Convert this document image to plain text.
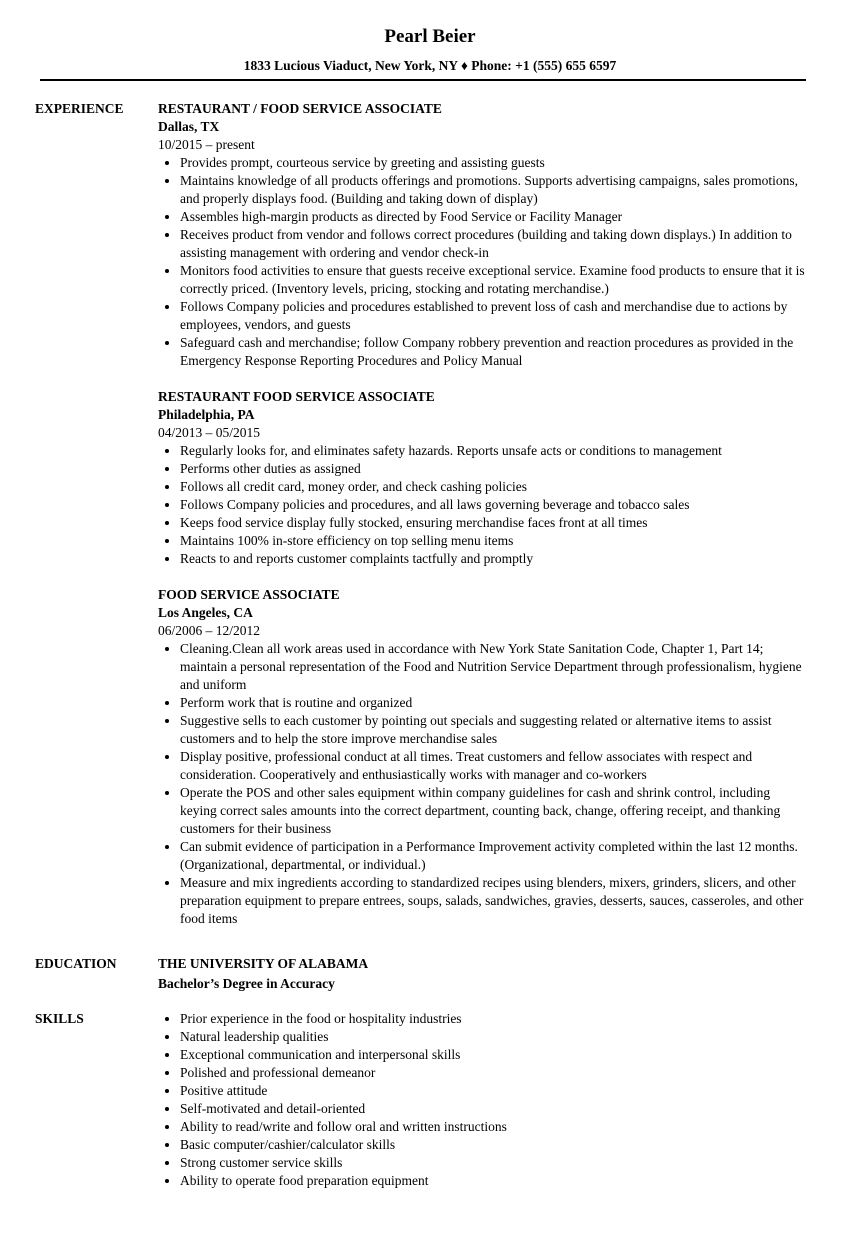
Pearl Beier
1833 Lucious Viaduct, New York, NY ♦ Phone: +1 (555) 655 6597
EXPERIENCE	RESTAURANT / FOOD SERVICE ASSOCIATE
Dallas, TX
10/2015 – present
• Provides prompt, courteous service by greeting and assisting guests
• Maintains knowledge of all products offerings and promotions. Supports advertising campaigns, sales promotions, and properly displays food. (Building and taking down of display)
• Assembles high-margin products as directed by Food Service or Facility Manager
• Receives product from vendor and follows correct procedures (building and taking down displays.) In addition to assisting management with ordering and vendor check-in
• Monitors food activities to ensure that guests receive exceptional service. Examine food products to ensure that it is correctly priced. (Inventory levels, pricing, stocking and rotating merchandise.)
• Follows Company policies and procedures established to prevent loss of cash and merchandise due to actions by employees, vendors, and guests
• Safeguard cash and merchandise; follow Company robbery prevention and reaction procedures as provided in the Emergency Response Reporting Procedures and Policy Manual
RESTAURANT FOOD SERVICE ASSOCIATE
Philadelphia, PA
04/2013 – 05/2015
• Regularly looks for, and eliminates safety hazards. Reports unsafe acts or conditions to management
• Performs other duties as assigned
• Follows all credit card, money order, and check cashing policies
• Follows Company policies and procedures, and all laws governing beverage and tobacco sales
• Keeps food service display fully stocked, ensuring merchandise faces front at all times
• Maintains 100% in-store efficiency on top selling menu items
• Reacts to and reports customer complaints tactfully and promptly
FOOD SERVICE ASSOCIATE
Los Angeles, CA
06/2006 – 12/2012
• Cleaning.Clean all work areas used in accordance with New York State Sanitation Code, Chapter 1, Part 14; maintain a personal representation of the Food and Nutrition Service Department through professionalism, hygiene and uniform
• Perform work that is routine and organized
• Suggestive sells to each customer by pointing out specials and suggesting related or alternative items to assist customers and to help the store improve merchandise sales
• Display positive, professional conduct at all times. Treat customers and fellow associates with respect and consideration. Cooperatively and enthusiastically works with manager and co-workers
• Operate the POS and other sales equipment within company guidelines for cash and shrink control, including keying correct sales amounts into the correct department, counting back, change, offering receipt, and thanking customers for their business
• Can submit evidence of participation in a Performance Improvement activity completed within the last 12 months. (Organizational, departmental, or individual.)
• Measure and mix ingredients according to standardized recipes using blenders, mixers, grinders, slicers, and other preparation equipment to prepare entrees, soups, salads, sandwiches, gravies, desserts, sauces, casseroles, and other food items
EDUCATION	THE UNIVERSITY OF ALABAMA
Bachelor’s Degree in Accuracy
SKILLS
•	Prior experience in the food or hospitality industries
• Natural leadership qualities
• Exceptional communication and interpersonal skills
• Polished and professional demeanor
• Positive attitude
• Self-motivated and detail-oriented
• Ability to read/write and follow oral and written instructions
• Basic computer/cashier/calculator skills
• Strong customer service skills
• Ability to operate food preparation equipment
